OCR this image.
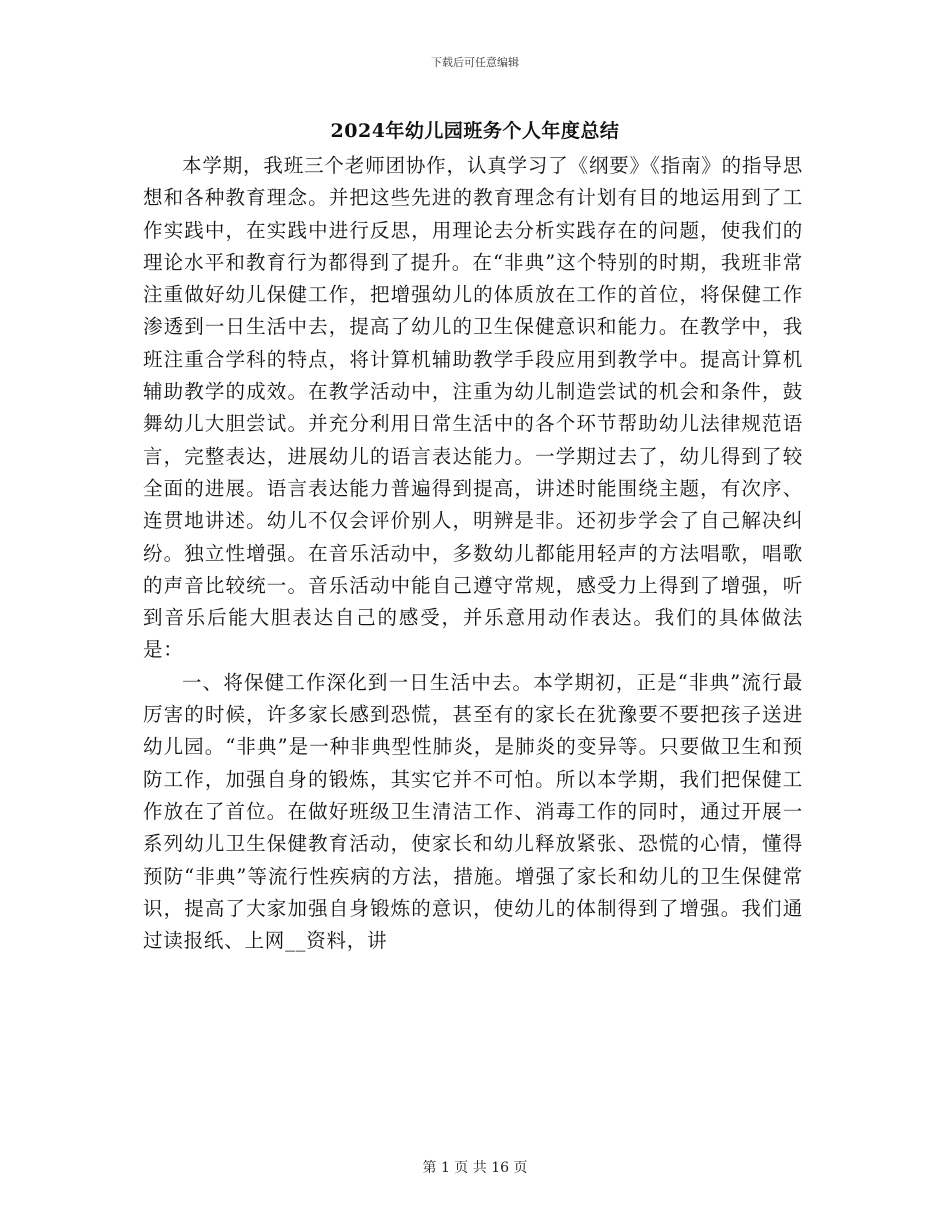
下载后可任意编辑
2024年幼儿园班务个人年度总结

本学期，我班三个老师团协作，认真学习了《纲要》《指南》的指导思想和各种教育理念。并把这些先进的教育理念有计划有目的地运用到了工作实践中，在实践中进行反思，用理论去分析实践存在的问题，使我们的理论水平和教育行为都得到了提升。在“非典”这个特别的时期，我班非常注重做好幼儿保健工作，把增强幼儿的体质放在工作的首位，将保健工作渗透到一日生活中去，提高了幼儿的卫生保健意识和能力。在教学中，我班注重合学科的特点，将计算机辅助教学手段应用到教学中。提高计算机辅助教学的成效。在教学活动中，注重为幼儿制造尝试的机会和条件，鼓舞幼儿大胆尝试。并充分利用日常生活中的各个环节帮助幼儿法律规范语言，完整表达，进展幼儿的语言表达能力。一学期过去了，幼儿得到了较全面的进展。语言表达能力普遍得到提高，讲述时能围绕主题，有次序、连贯地讲述。幼儿不仅会评价别人，明辨是非。还初步学会了自己解决纠纷。独立性增强。在音乐活动中，多数幼儿都能用轻声的方法唱歌，唱歌的声音比较统一。音乐活动中能自己遵守常规，感受力上得到了增强，听到音乐后能大胆表达自己的感受，并乐意用动作表达。我们的具体做法是：

一、将保健工作深化到一日生活中去。本学期初，正是“非典”流行最厉害的时候，许多家长感到恐慌，甚至有的家长在犹豫要不要把孩子送进幼儿园。“非典”是一种非典型性肺炎，是肺炎的变异等。只要做卫生和预防工作，加强自身的锻炼，其实它并不可怕。所以本学期，我们把保健工作放在了首位。在做好班级卫生清洁工作、消毒工作的同时，通过开展一系列幼儿卫生保健教育活动，使家长和幼儿释放紧张、恐慌的心情，懂得预防“非典”等流行性疾病的方法，措施。增强了家长和幼儿的卫生保健常识，提高了大家加强自身锻炼的意识，使幼儿的体制得到了增强。我们通过读报纸、上网__资料，讲

第 1 页 共 16 页
